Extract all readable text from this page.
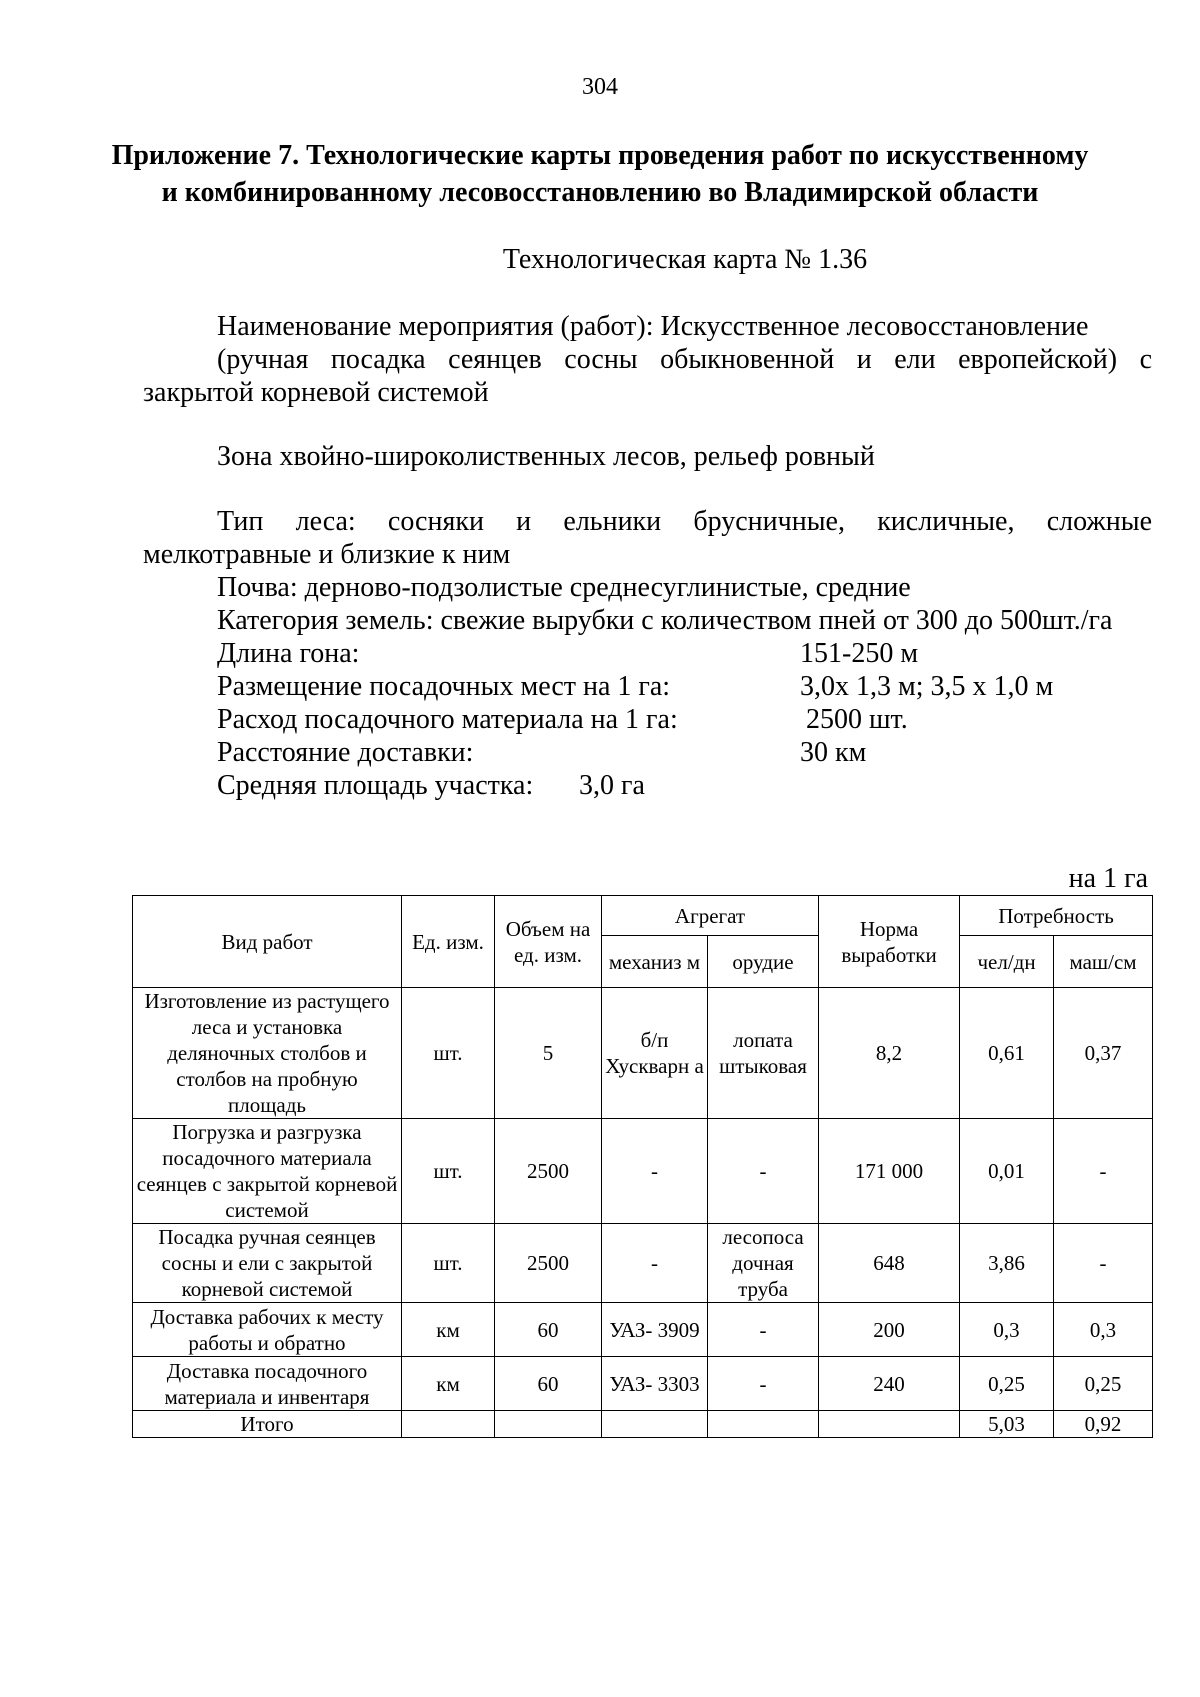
304
Приложение 7. Технологические карты проведения работ по искусственному
и комбинированному лесовосстановлению во Владимирской области
Технологическая карта № 1.36
Наименование мероприятия (работ): Искусственное лесовосстановление
(ручная посадка сеянцев сосны обыкновенной и ели европейской) с
закрытой корневой системой
Зона хвойно-широколиственных лесов, рельеф ровный
Тип леса: сосняки и ельники брусничные, кисличные, сложные
мелкотравные и близкие к ним
Почва: дерново-подзолистые среднесуглинистые, средние
Категория земель: свежие вырубки с количеством пней от 300 до 500шт./га
Длина гона:	151-250 м
Размещение посадочных мест на 1 га:	3,0х 1,3 м; 3,5 х 1,0 м
Расход посадочного материала на 1 га:	2500 шт.
Расстояние доставки:	30 км
Средняя площадь участка: 3,0 га
на 1 га
Вид работ	Ед. изм.	Объем на ед. изм.	Агрегат		Норма выработки	Потребность	
			механиз м	орудие		чел/дн	маш/см
Изготовление из растущего леса и установка деляночных столбов и столбов на пробную площадь	шт.	5	б/п Хускварн а	лопата штыковая	8,2	0,61	0,37
Погрузка и разгрузка посадочного материала сеянцев с закрытой корневой системой	шт.	2500	-	-	171 000	0,01	-
Посадка ручная сеянцев сосны и ели с закрытой корневой системой	шт.	2500	-	лесопоса дочная труба	648	3,86	-
Доставка рабочих к месту работы и обратно	км	60	УАЗ- 3909	-	200	0,3	0,3
Доставка посадочного материала и инвентаря	км	60	УАЗ- 3303	-	240	0,25	0,25
Итого						5,03	0,92
